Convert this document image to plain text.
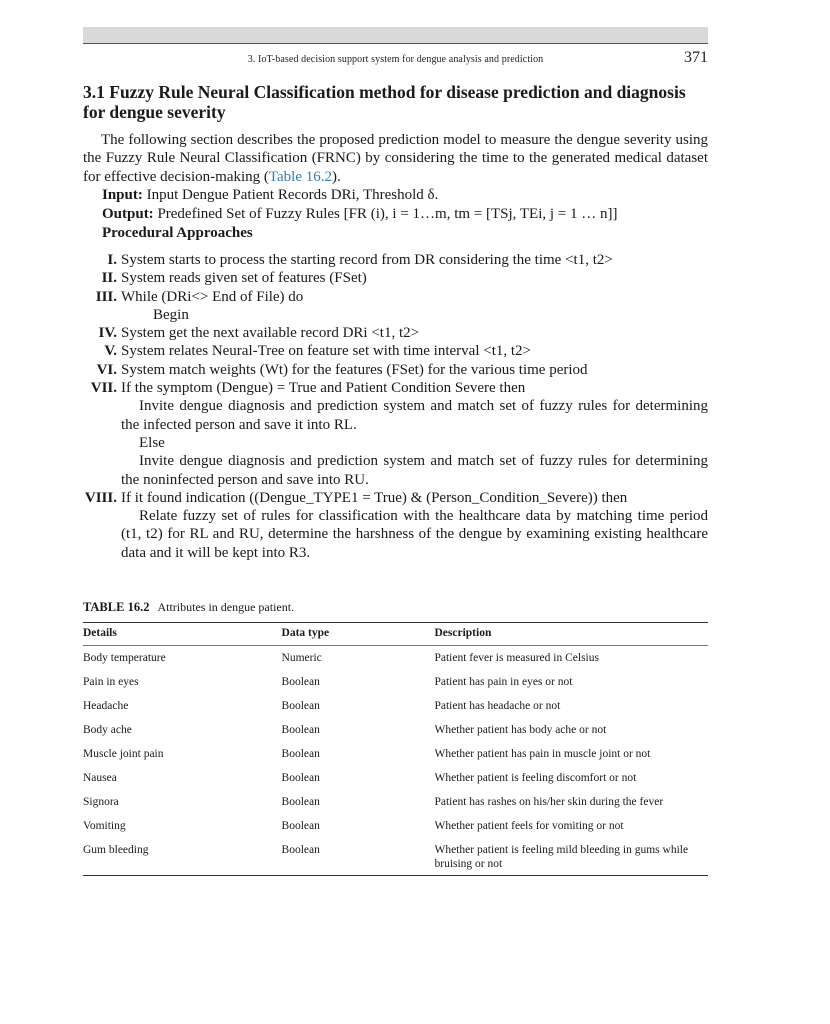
3. IoT-based decision support system for dengue analysis and prediction	371
3.1 Fuzzy Rule Neural Classification method for disease prediction and diagnosis for dengue severity

The following section describes the proposed prediction model to measure the dengue severity using the Fuzzy Rule Neural Classification (FRNC) by considering the time to the generated medical dataset for effective decision-making (Table 16.2).

Input: Input Dengue Patient Records DRi, Threshold δ.
Output: Predefined Set of Fuzzy Rules [FR (i), i = 1…m, tm = [TSj, TEi, j = 1 … n]]
Procedural Approaches
I. System starts to process the starting record from DR considering the time <t1, t2>
II. System reads given set of features (FSet)
III. While (DRi<> End of File) do
Begin
IV. System get the next available record DRi <t1, t2>
V. System relates Neural-Tree on feature set with time interval <t1, t2>
VI. System match weights (Wt) for the features (FSet) for the various time period
VII. If the symptom (Dengue) = True and Patient Condition Severe then
Invite dengue diagnosis and prediction system and match set of fuzzy rules for determining the infected person and save it into RL.
Else
Invite dengue diagnosis and prediction system and match set of fuzzy rules for determining the noninfected person and save into RU.
VIII. If it found indication ((Dengue_TYPE1 = True) & (Person_Condition_Severe)) then
Relate fuzzy set of rules for classification with the healthcare data by matching time period (t1, t2) for RL and RU, determine the harshness of the dengue by examining existing healthcare data and it will be kept into R3.
TABLE 16.2 Attributes in dengue patient.
Details	Data type	Description
Body temperature	Numeric	Patient fever is measured in Celsius
Pain in eyes	Boolean	Patient has pain in eyes or not
Headache	Boolean	Patient has headache or not
Body ache	Boolean	Whether patient has body ache or not
Muscle joint pain	Boolean	Whether patient has pain in muscle joint or not
Nausea	Boolean	Whether patient is feeling discomfort or not
Signora	Boolean	Patient has rashes on his/her skin during the fever
Vomiting	Boolean	Whether patient feels for vomiting or not
Gum bleeding	Boolean	Whether patient is feeling mild bleeding in gums while bruising or not
